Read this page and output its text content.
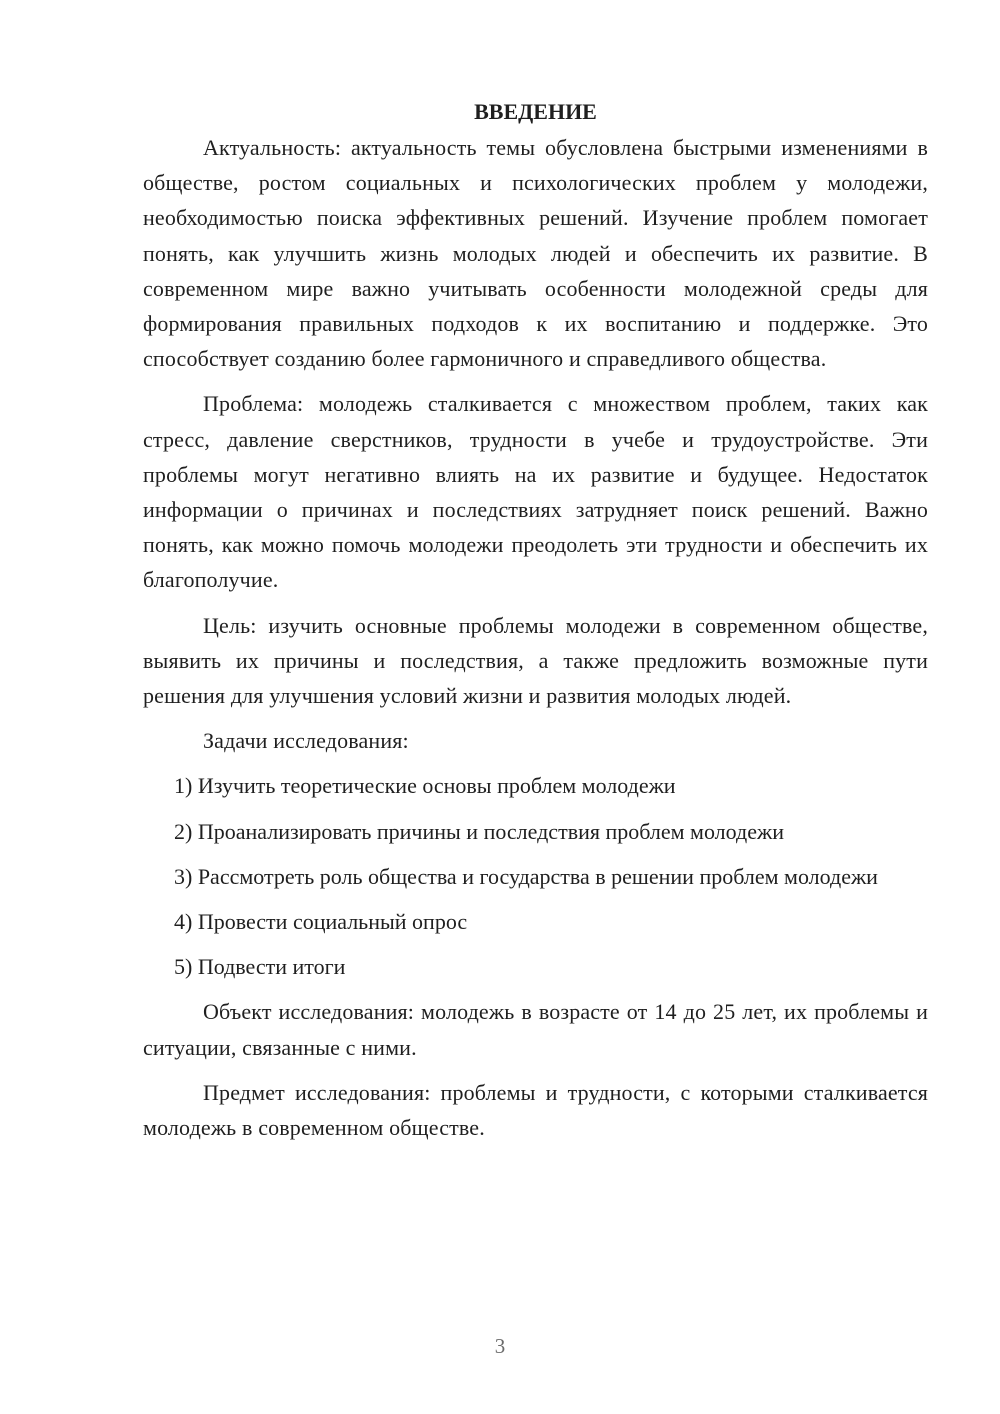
ВВЕДЕНИЕ

Актуальность: актуальность темы обусловлена быстрыми изменениями в обществе, ростом социальных и психологических проблем у молодежи, необходимостью поиска эффективных решений. Изучение проблем помогает понять, как улучшить жизнь молодых людей и обеспечить их развитие. В современном мире важно учитывать особенности молодежной среды для формирования правильных подходов к их воспитанию и поддержке. Это способствует созданию более гармоничного и справедливого общества.

Проблема: молодежь сталкивается с множеством проблем, таких как стресс, давление сверстников, трудности в учебе и трудоустройстве. Эти проблемы могут негативно влиять на их развитие и будущее. Недостаток информации о причинах и последствиях затрудняет поиск решений. Важно понять, как можно помочь молодежи преодолеть эти трудности и обеспечить их благополучие.

Цель: изучить основные проблемы молодежи в современном обществе, выявить их причины и последствия, а также предложить возможные пути решения для улучшения условий жизни и развития молодых людей.

Задачи исследования:

1) Изучить теоретические основы проблем молодежи

2) Проанализировать причины и последствия проблем молодежи

3) Рассмотреть роль общества и государства в решении проблем молодежи

4) Провести социальный опрос

5) Подвести итоги

Объект исследования: молодежь в возрасте от 14 до 25 лет, их проблемы и ситуации, связанные с ними.

Предмет исследования: проблемы и трудности, с которыми сталкивается молодежь в современном обществе.

3
